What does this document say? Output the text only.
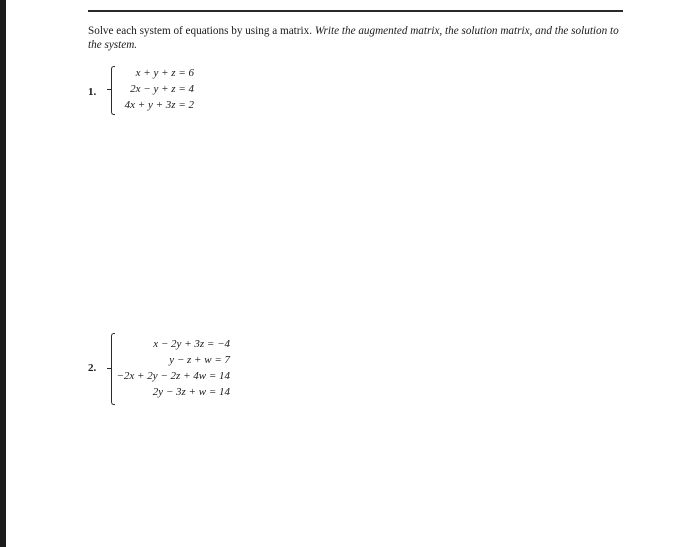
Solve each system of equations by using a matrix. Write the augmented matrix, the solution matrix, and the solution to the system.
1.
x + y + z = 6
2x − y + z = 4
4x + y + 3z = 2
2.
x − 2y + 3z = −4
y − z + w = 7
−2x + 2y − 2z + 4w = 14
2y − 3z + w = 14
